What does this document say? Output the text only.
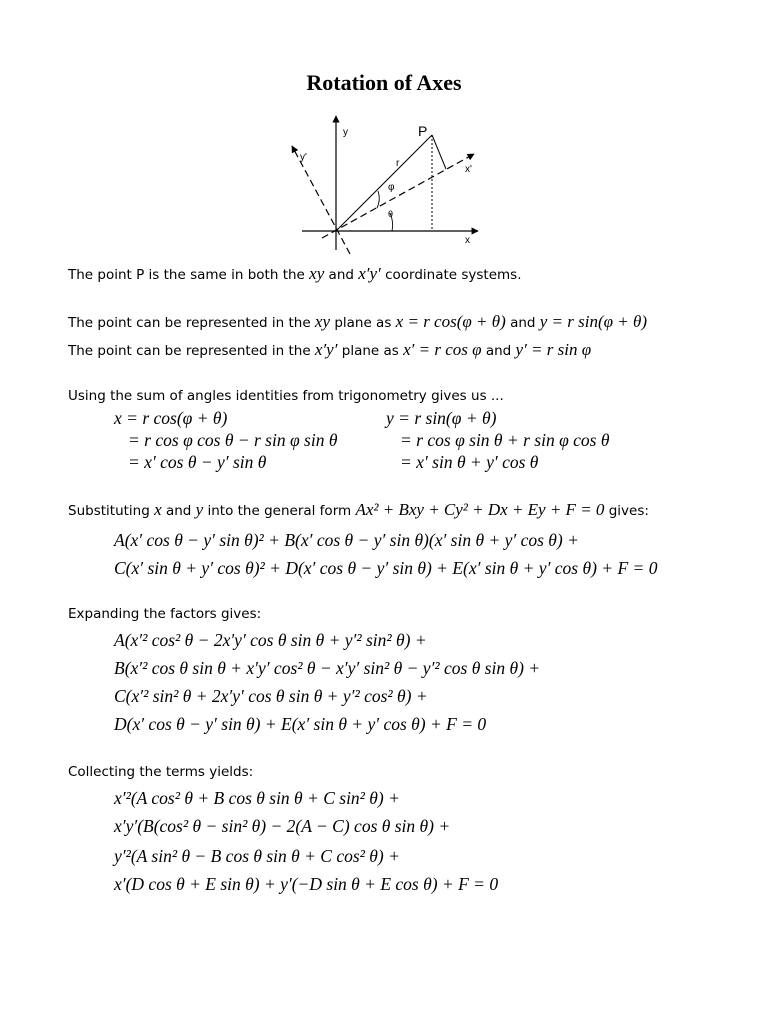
Rotation of Axes
y
x
y'
x'
P
r
φ
θ
The point P is the same in both the xy and x′y′ coordinate systems.
The point can be represented in the xy plane as x = r cos(φ + θ) and y = r sin(φ + θ)
The point can be represented in the x′y′ plane as x′ = r cos φ and y′ = r sin φ
Using the sum of angles identities from trigonometry gives us ...
x = r cos(φ + θ)
= r cos φ cos θ − r sin φ sin θ
= x′ cos θ − y′ sin θ
y = r sin(φ + θ)
= r cos φ sin θ + r sin φ cos θ
= x′ sin θ + y′ cos θ
Substituting x and y into the general form Ax² + Bxy + Cy² + Dx + Ey + F = 0 gives:
A(x′ cos θ − y′ sin θ)² + B(x′ cos θ − y′ sin θ)(x′ sin θ + y′ cos θ) +
C(x′ sin θ + y′ cos θ)² + D(x′ cos θ − y′ sin θ) + E(x′ sin θ + y′ cos θ) + F = 0
Expanding the factors gives:
A(x′² cos² θ − 2x′y′ cos θ sin θ + y′² sin² θ) +
B(x′² cos θ sin θ + x′y′ cos² θ − x′y′ sin² θ − y′² cos θ sin θ) +
C(x′² sin² θ + 2x′y′ cos θ sin θ + y′² cos² θ) +
D(x′ cos θ − y′ sin θ) + E(x′ sin θ + y′ cos θ) + F = 0
Collecting the terms yields:
x′²(A cos² θ + B cos θ sin θ + C sin² θ) +
x′y′(B(cos² θ − sin² θ) − 2(A − C) cos θ sin θ) +
y′²(A sin² θ − B cos θ sin θ + C cos² θ) +
x′(D cos θ + E sin θ) + y′(−D sin θ + E cos θ) + F = 0
